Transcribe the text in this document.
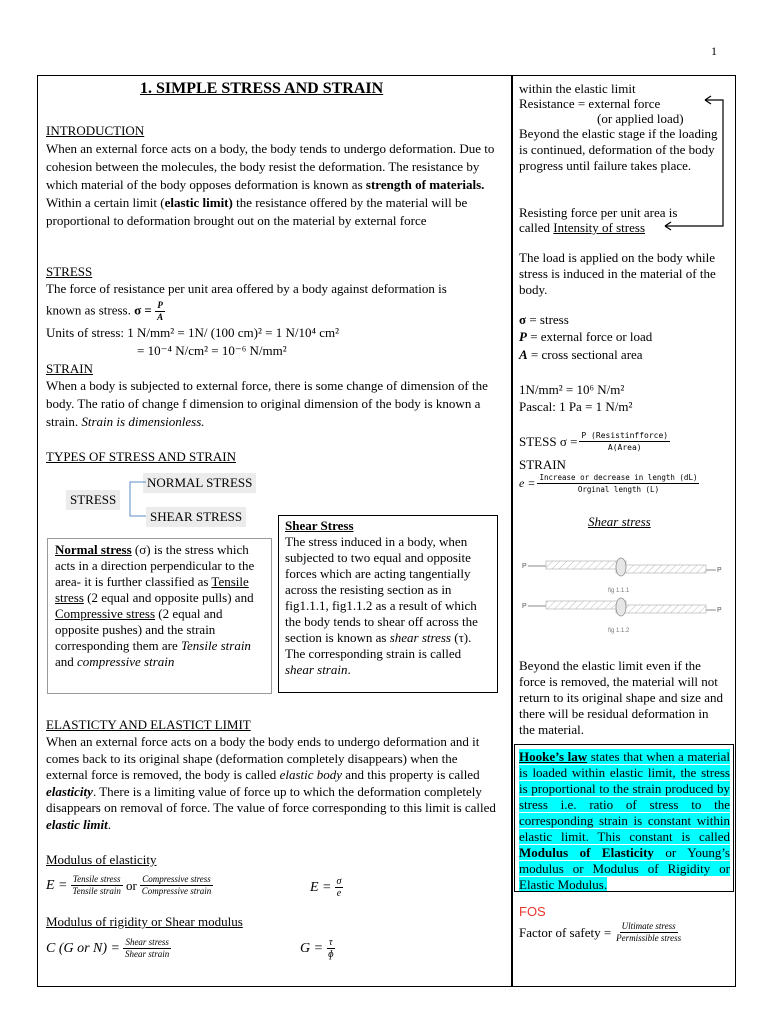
1
1. SIMPLE STRESS AND STRAIN
INTRODUCTION
When an external force acts on a body, the body tends to undergo deformation. Due to cohesion between the molecules, the body resist the deformation. The resistance by which material of the body opposes deformation is known as strength of materials. Within a certain limit (elastic limit) the resistance offered by the material will be proportional to deformation brought out on the material by external force
STRESS
The force of resistance per unit area offered by a body against deformation is
known as stress. $\sigma = \frac{P}{A}$
Units of stress: 1 N/mm² = 1N/ (100 cm)² = 1 N/10⁴ cm²
= 10⁻⁴ N/cm² = 10⁻⁶ N/mm²
STRAIN
When a body is subjected to external force, there is some change of dimension of the body. The ratio of change f dimension to original dimension of the body is known a strain. Strain is dimensionless.
TYPES OF STRESS AND STRAIN
STRESS
NORMAL STRESS
SHEAR STRESS
Normal stress (σ) is the stress which acts in a direction perpendicular to the area- it is further classified as Tensile stress (2 equal and opposite pulls) and Compressive stress (2 equal and opposite pushes) and the strain corresponding them are Tensile strain and compressive strain
Shear Stress
The stress induced in a body, when subjected to two equal and opposite forces which are acting tangentially across the resisting section as in fig1.1.1, fig1.1.2 as a result of which the body tends to shear off across the section is known as shear stress (τ). The corresponding strain is called shear strain.
ELASTICTY AND ELASTICT LIMIT
When an external force acts on a body the body ends to undergo deformation and it comes back to its original shape (deformation completely disappears) when the external force is removed, the body is called elastic body and this property is called elasticity. There is a limiting value of force up to which the deformation completely disappears on removal of force. The value of force corresponding to this limit is called elastic limit.
Modulus of elasticity
$E = \frac{\text{Tensile stress}}{\text{Tensile strain}}$ or $\frac{\text{Compressive stress}}{\text{Compressive strain}}$	$E = \frac{\sigma}{e}$
Modulus of rigidity or Shear modulus
C (G or $N) = \frac{\text{Shear stress}}{\text{Shear strain}}$	$G = \frac{\tau}{\text{ɸ}}$
within the elastic limit
Resistance = external force
(or applied load)
Beyond the elastic stage if the loading is continued, deformation of the body progress until failure takes place.
Resisting force per unit area is
called Intensity of stress
The load is applied on the body while stress is induced in the material of the body.
σ = stress
P = external force or load
A = cross sectional area
1N/mm² = 10⁶ N/m²
Pascal: 1 Pa = 1 N/m²
STESS $\sigma = \frac{\text{P (Resistinfforce)}}{\text{A(Area)}}$
STRAIN
$e = \frac{\text{Increase or decrease in length (dL)}}{\text{Orginal length (L)}}$
Shear stress
P
P
fig 1.1.1
P
P
fig 1.1.2
Beyond the elastic limit even if the force is removed, the material will not return to its original shape and size and there will be residual deformation in the material.
Hooke’s law states that when a material is loaded within elastic limit, the stress is proportional to the strain produced by stress i.e. ratio of stress to the corresponding strain is constant within elastic limit. This constant is called Modulus of Elasticity or Young’s modulus or Modulus of Rigidity or Elastic Modulus.
FOS
Factor of safety = $\frac{\text{Ultimate stress}}{\text{Permissible stress}}$
